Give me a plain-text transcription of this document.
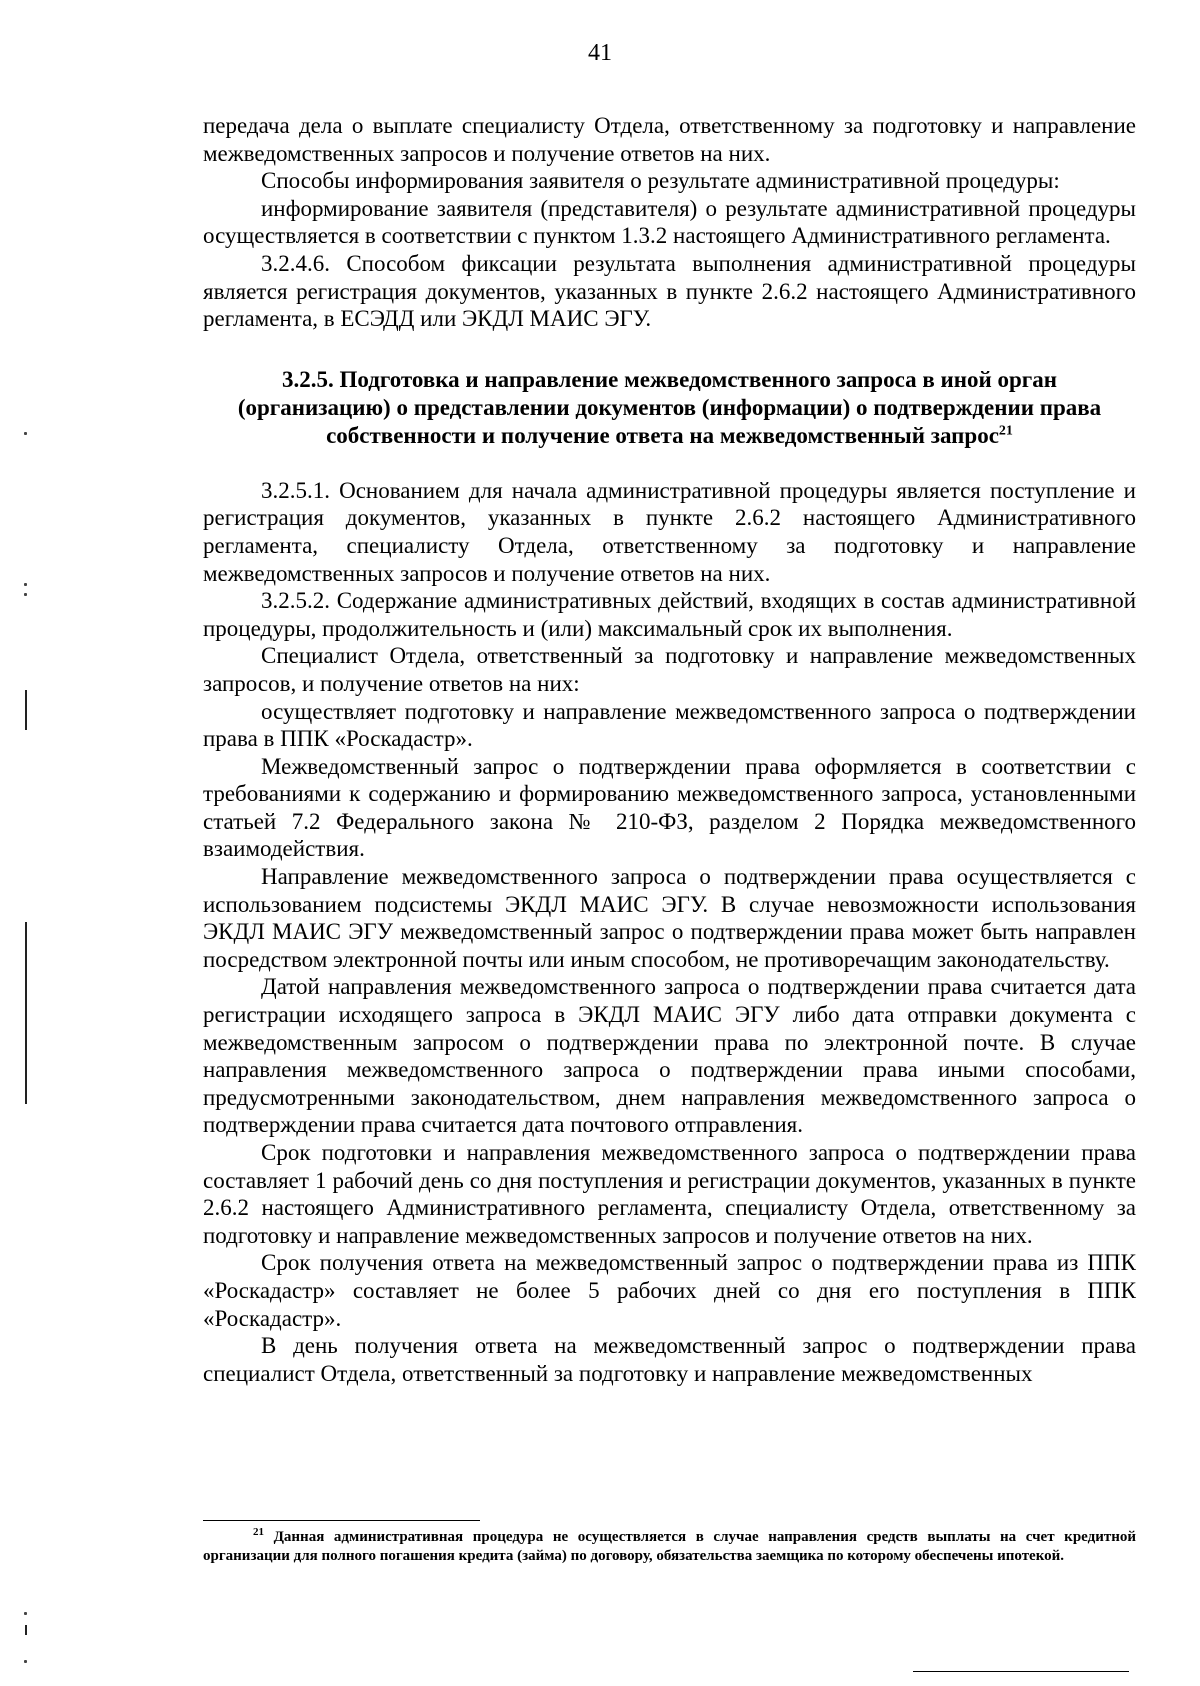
41

передача дела о выплате специалисту Отдела, ответственному за подготовку и направление межведомственных запросов и получение ответов на них.

Способы информирования заявителя о результате административной процедуры:

информирование заявителя (представителя) о результате административной процедуры осуществляется в соответствии с пунктом 1.3.2 настоящего Административного регламента.

3.2.4.6. Способом фиксации результата выполнения административной процедуры является регистрация документов, указанных в пункте 2.6.2 настоящего Административного регламента, в ЕСЭДД или ЭКДЛ МАИС ЭГУ.

3.2.5. Подготовка и направление межведомственного запроса в иной орган (организацию) о представлении документов (информации) о подтверждении права собственности и получение ответа на межведомственный запрос$^{21}$

3.2.5.1. Основанием для начала административной процедуры является поступление и регистрация документов, указанных в пункте 2.6.2 настоящего Административного регламента, специалисту Отдела, ответственному за подготовку и направление межведомственных запросов и получение ответов на них.

3.2.5.2. Содержание административных действий, входящих в состав административной процедуры, продолжительность и (или) максимальный срок их выполнения.

Специалист Отдела, ответственный за подготовку и направление межведомственных запросов, и получение ответов на них:

осуществляет подготовку и направление межведомственного запроса о подтверждении права в ППК «Роскадастр».

Межведомственный запрос о подтверждении права оформляется в соответствии с требованиями к содержанию и формированию межведомственного запроса, установленными статьей 7.2 Федерального закона № 210-ФЗ, разделом 2 Порядка межведомственного взаимодействия.

Направление межведомственного запроса о подтверждении права осуществляется с использованием подсистемы ЭКДЛ МАИС ЭГУ. В случае невозможности использования ЭКДЛ МАИС ЭГУ межведомственный запрос о подтверждении права может быть направлен посредством электронной почты или иным способом, не противоречащим законодательству.

Датой направления межведомственного запроса о подтверждении права считается дата регистрации исходящего запроса в ЭКДЛ МАИС ЭГУ либо дата отправки документа с межведомственным запросом о подтверждении права по электронной почте. В случае направления межведомственного запроса о подтверждении права иными способами, предусмотренными законодательством, днем направления межведомственного запроса о подтверждении права считается дата почтового отправления.

Срок подготовки и направления межведомственного запроса о подтверждении права составляет 1 рабочий день со дня поступления и регистрации документов, указанных в пункте 2.6.2 настоящего Административного регламента, специалисту Отдела, ответственному за подготовку и направление межведомственных запросов и получение ответов на них.

Срок получения ответа на межведомственный запрос о подтверждении права из ППК «Роскадастр» составляет не более 5 рабочих дней со дня его поступления в ППК «Роскадастр».

В день получения ответа на межведомственный запрос о подтверждении права специалист Отдела, ответственный за подготовку и направление межведомственных

$^{21}$ Данная административная процедура не осуществляется в случае направления средств выплаты на счет кредитной организации для полного погашения кредита (займа) по договору, обязательства заемщика по которому обеспечены ипотекой.
